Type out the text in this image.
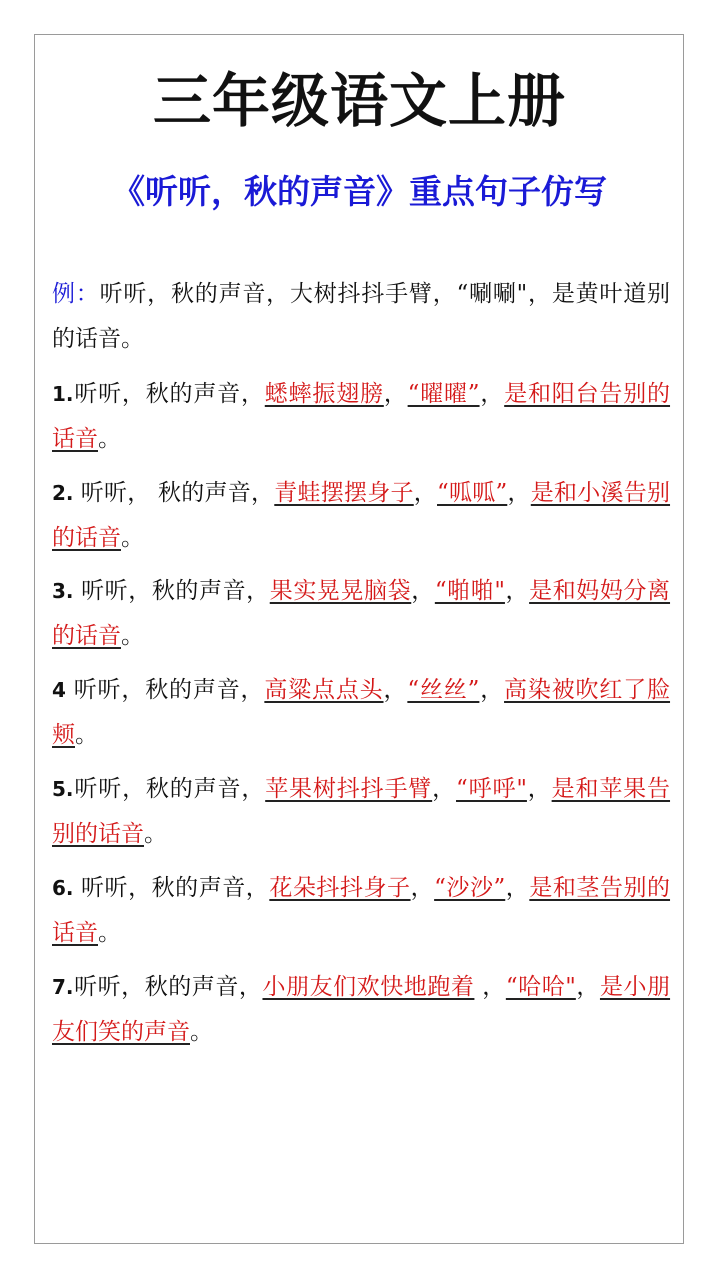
三年级语文上册
《听听，秋的声音》重点句子仿写
例：听听，秋的声音，大树抖抖手臂，“唰唰"，是黄叶道别的话音。
1.听听，秋的声音，蟋蟀振翅膀，“曜曜”，是和阳台告别的话音。
2. 听听， 秋的声音，青蛙摆摆身子，“呱呱”，是和小溪告别的话音。
3. 听听，秋的声音，果实晃晃脑袋，“啪啪"，是和妈妈分离的话音。
4 听听，秋的声音，高粱点点头，“丝丝”，高染被吹红了脸颊。
5.听听，秋的声音，苹果树抖抖手臂，“呼呼"，是和苹果告别的话音。
6. 听听，秋的声音，花朵抖抖身子，“沙沙”，是和茎告别的话音。
7.听听，秋的声音，小朋友们欢快地跑着 ，“哈哈"，是小朋友们笑的声音。
